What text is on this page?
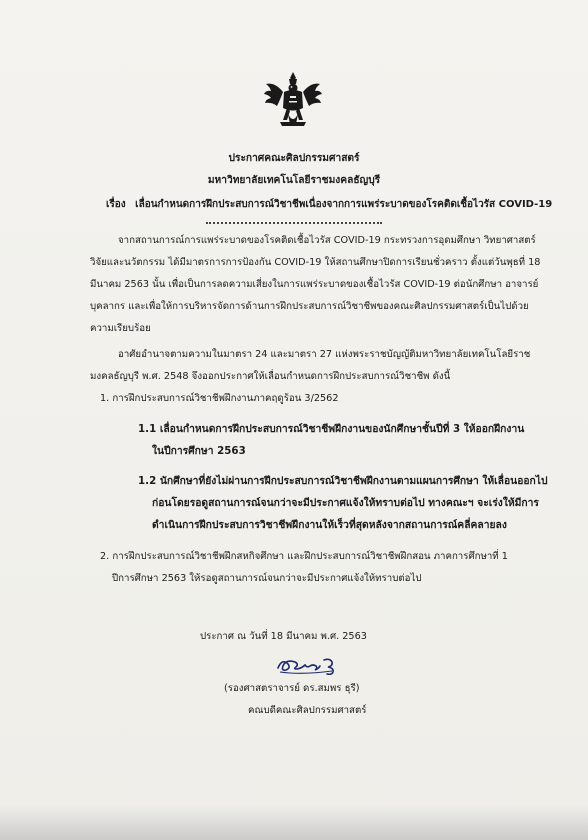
ประกาศคณะศิลปกรรมศาสตร์
มหาวิทยาลัยเทคโนโลยีราชมงคลธัญบุรี
เรื่อง เลื่อนกำหนดการฝึกประสบการณ์วิชาชีพเนื่องจากการแพร่ระบาดของโรคติดเชื้อไวรัส COVID-19
จากสถานการณ์การแพร่ระบาดของโรคติดเชื้อไวรัส COVID-19 กระทรวงการอุดมศึกษา วิทยาศาสตร์
วิจัยและนวัตกรรม ได้มีมาตรการการป้องกัน COVID-19 ให้สถานศึกษาปิดการเรียนชั่วคราว ตั้งแต่วันพุธที่ 18
มีนาคม 2563 นั้น เพื่อเป็นการลดความเสี่ยงในการแพร่ระบาดของเชื้อไวรัส COVID-19 ต่อนักศึกษา อาจารย์
บุคลากร และเพื่อให้การบริหารจัดการด้านการฝึกประสบการณ์วิชาชีพของคณะศิลปกรรมศาสตร์เป็นไปด้วย
ความเรียบร้อย
อาศัยอำนาจตามความในมาตรา 24 และมาตรา 27 แห่งพระราชบัญญัติมหาวิทยาลัยเทคโนโลยีราช
มงคลธัญบุรี พ.ศ. 2548 จึงออกประกาศให้เลื่อนกำหนดการฝึกประสบการณ์วิชาชีพ ดังนี้
1. การฝึกประสบการณ์วิชาชีพฝึกงานภาคฤดูร้อน 3/2562
1.1 เลื่อนกำหนดการฝึกประสบการณ์วิชาชีพฝึกงานของนักศึกษาชั้นปีที่ 3 ให้ออกฝึกงาน
ในปีการศึกษา 2563
1.2 นักศึกษาที่ยังไม่ผ่านการฝึกประสบการณ์วิชาชีพฝึกงานตามแผนการศึกษา ให้เลื่อนออกไป
ก่อนโดยรอดูสถานการณ์จนกว่าจะมีประกาศแจ้งให้ทราบต่อไป ทางคณะฯ จะเร่งให้มีการ
ดำเนินการฝึกประสบการวิชาชีพฝึกงานให้เร็วที่สุดหลังจากสถานการณ์คลี่คลายลง
2. การฝึกประสบการณ์วิชาชีพฝึกสหกิจศึกษา และฝึกประสบการณ์วิชาชีพฝึกสอน ภาคการศึกษาที่ 1
ปีการศึกษา 2563 ให้รอดูสถานการณ์จนกว่าจะมีประกาศแจ้งให้ทราบต่อไป
ประกาศ ณ วันที่ 18 มีนาคม พ.ศ. 2563
(รองศาสตราจารย์ ดร.สมพร ธุรี)
คณบดีคณะศิลปกรรมศาสตร์
